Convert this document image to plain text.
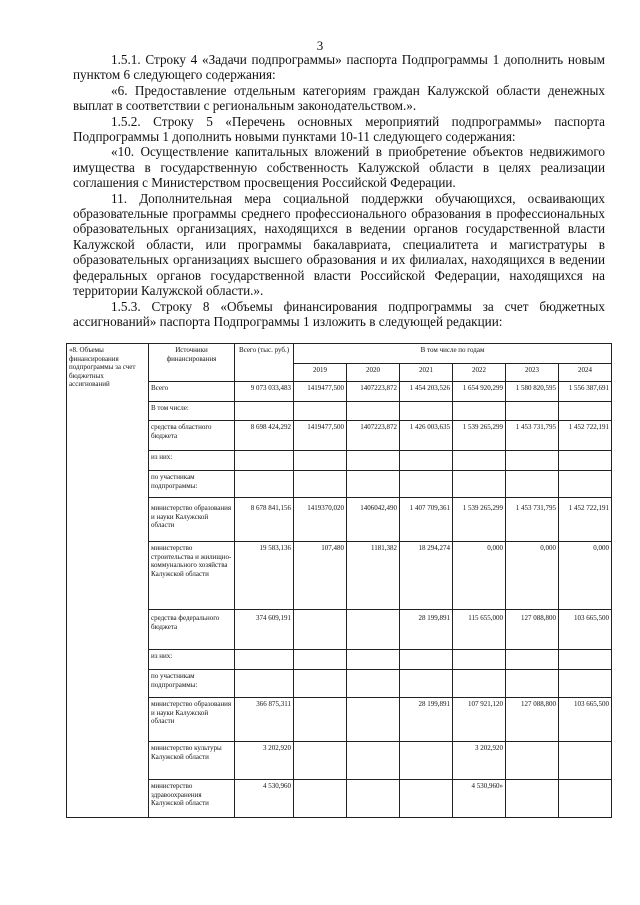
3

1.5.1. Строку 4 «Задачи подпрограммы» паспорта Подпрограммы 1 дополнить новым пунктом 6 следующего содержания:

«6. Предоставление отдельным категориям граждан Калужской области денежных выплат в соответствии с региональным законодательством.».

1.5.2. Строку 5 «Перечень основных мероприятий подпрограммы» паспорта Подпрограммы 1 дополнить новыми пунктами 10-11 следующего содержания:

«10. Осуществление капитальных вложений в приобретение объектов недвижимого имущества в государственную собственность Калужской области в целях реализации соглашения с Министерством просвещения Российской Федерации.

11. Дополнительная мера социальной поддержки обучающихся, осваивающих образовательные программы среднего профессионального образования в профессиональных образовательных организациях, находящихся в ведении органов государственной власти Калужской области, или программы бакалавриата, специалитета и магистратуры в образовательных организациях высшего образования и их филиалах, находящихся в ведении федеральных органов государственной власти Российской Федерации, находящихся на территории Калужской области.».

1.5.3. Строку 8 «Объемы финансирования подпрограммы за счет бюджетных ассигнований» паспорта Подпрограммы 1 изложить в следующей редакции:

«8. Объемы финансирования подпрограммы за счет бюджетных ассигнований	Источники финансирования	Всего (тыс. руб.)	В том числе по годам					
			2019	2020	2021	2022	2023	2024
	Всего	9 073 033,483	1419477,500	1407223,872	1 454 203,526	1 654 920,299	1 580 820,595	1 556 387,691
	В том числе:							
	средства областного бюджета	8 698 424,292	1419477,500	1407223,872	1 426 003,635	1 539 265,299	1 453 731,795	1 452 722,191
	из них:							
	по участникам подпрограммы:							
	министерство образования и науки Калужской области	8 678 841,156	1419370,020	1406042,490	1 407 709,361	1 539 265,299	1 453 731,795	1 452 722,191
	министерство строительства и жилищно-коммунального хозяйства Калужской области	19 583,136	107,480	1181,382	18 294,274	0,000	0,000	0,000
	средства федерального бюджета	374 609,191			28 199,891	115 655,000	127 088,800	103 665,500
	из них:							
	по участникам подпрограммы:							
	министерство образования и науки Калужской области	366 875,311			28 199,891	107 921,120	127 088,800	103 665,500
	министерство культуры Калужской области	3 202,920				3 202,920		
	министерство здравоохранения Калужской области	4 530,960				4 530,960»		
